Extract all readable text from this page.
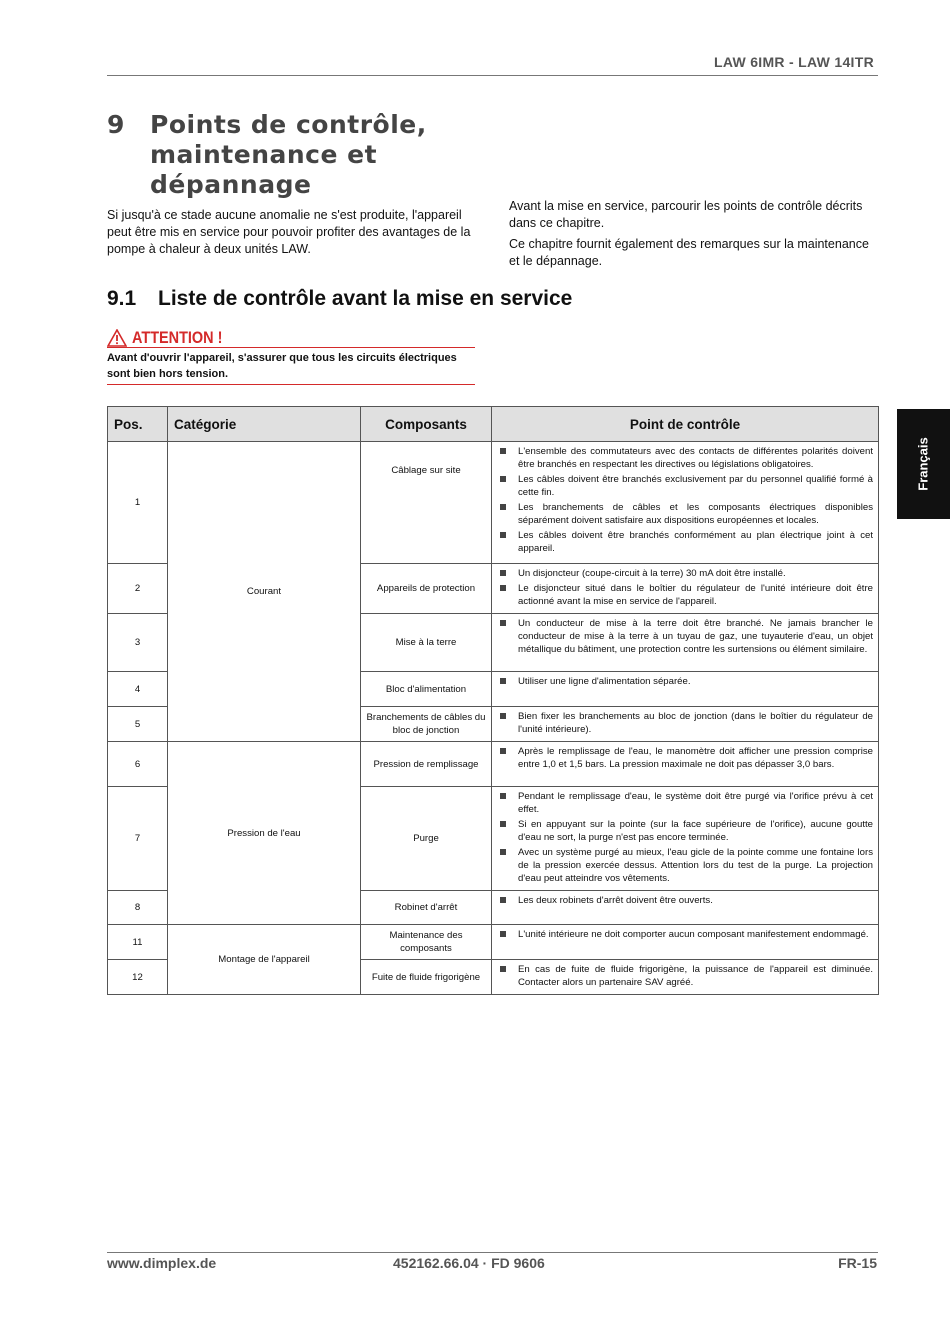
LAW 6IMR - LAW 14ITR
9 Points de contrôle, maintenance et dépannage
Si jusqu'à ce stade aucune anomalie ne s'est produite, l'appareil peut être mis en service pour pouvoir profiter des avantages de la pompe à chaleur à deux unités LAW.

Avant la mise en service, parcourir les points de contrôle décrits dans ce chapitre.

Ce chapitre fournit également des remarques sur la maintenance et le dépannage.

9.1 Liste de contrôle avant la mise en service
ATTENTION !
Avant d'ouvrir l'appareil, s'assurer que tous les circuits électriques sont bien hors tension.
Français
Pos.	Catégorie	Composants	Point de contrôle
1	Courant	Câblage sur site	L'ensemble des commutateurs avec des contacts de différentes polarités doivent être branchés en respectant les directives ou législations obligatoires.
Les câbles doivent être branchés exclusivement par du personnel qualifié formé à cette fin.
Les branchements de câbles et les composants électriques disponibles séparément doivent satisfaire aux dispositions européennes et locales.
Les câbles doivent être branchés conformément au plan électrique joint à cet appareil.

2		Appareils de protection	Un disjoncteur (coupe-circuit à la terre) 30 mA doit être installé.
Le disjoncteur situé dans le boîtier du régulateur de l'unité intérieure doit être actionné avant la mise en service de l'appareil.

3		Mise à la terre	Un conducteur de mise à la terre doit être branché. Ne jamais brancher le conducteur de mise à la terre à un tuyau de gaz, une tuyauterie d'eau, un objet métallique du bâtiment, une protection contre les surtensions ou élément similaire.

4		Bloc d'alimentation	Utiliser une ligne d'alimentation séparée.

5		Branchements de câbles du bloc de jonction	Bien fixer les branchements au bloc de jonction (dans le boîtier du régulateur de l'unité intérieure).

6	Pression de l'eau	Pression de remplissage	Après le remplissage de l'eau, le manomètre doit afficher une pression comprise entre 1,0 et 1,5 bars. La pression maximale ne doit pas dépasser 3,0 bars.

7		Purge	Pendant le remplissage d'eau, le système doit être purgé via l'orifice prévu à cet effet.
Si en appuyant sur la pointe (sur la face supérieure de l'orifice), aucune goutte d'eau ne sort, la purge n'est pas encore terminée.
Avec un système purgé au mieux, l'eau gicle de la pointe comme une fontaine lors de la pression exercée dessus. Attention lors du test de la purge. La projection d'eau peut atteindre vos vêtements.

8		Robinet d'arrêt	Les deux robinets d'arrêt doivent être ouverts.

11	Montage de l'appareil	Maintenance des composants	L'unité intérieure ne doit comporter aucun composant manifestement endommagé.

12		Fuite de fluide frigorigène	En cas de fuite de fluide frigorigène, la puissance de l'appareil est diminuée. Contacter alors un partenaire SAV agréé.
www.dimplex.de	452162.66.04 · FD 9606	FR-15
